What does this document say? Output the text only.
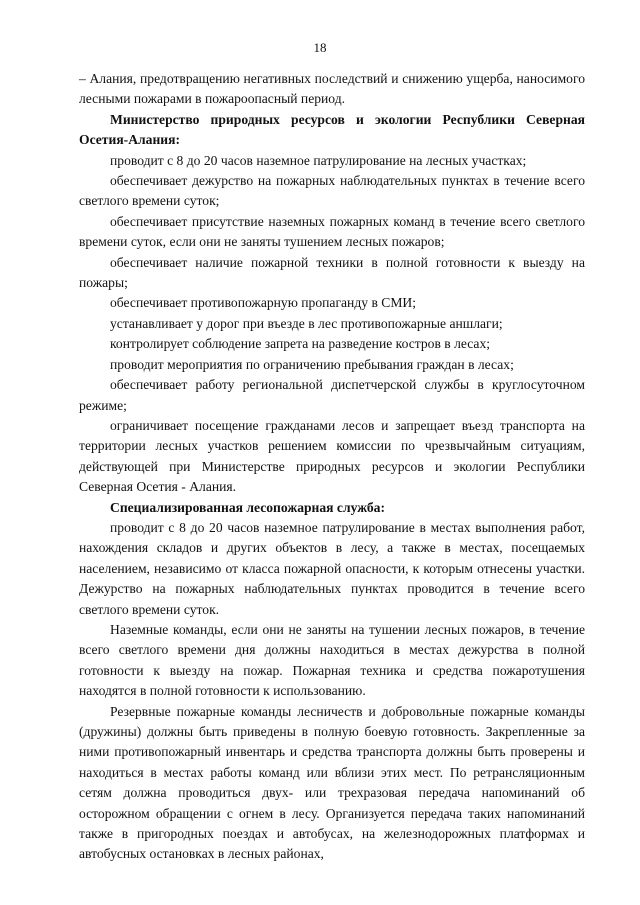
18

– Алания, предотвращению негативных последствий и снижению ущерба, наносимого лесными пожарами в пожароопасный период.

Министерство природных ресурсов и экологии Республики Северная Осетия-Алания:

проводит с 8 до 20 часов наземное патрулирование на лесных участках;

обеспечивает дежурство на пожарных наблюдательных пунктах в течение всего светлого времени суток;

обеспечивает присутствие наземных пожарных команд в течение всего светлого времени суток, если они не заняты тушением лесных пожаров;

обеспечивает наличие пожарной техники в полной готовности к выезду на пожары;

обеспечивает противопожарную пропаганду в СМИ;

устанавливает у дорог при въезде в лес противопожарные аншлаги;

контролирует соблюдение запрета на разведение костров в лесах;

проводит мероприятия по ограничению пребывания граждан в лесах;

обеспечивает работу региональной диспетчерской службы в круглосуточном режиме;

ограничивает посещение гражданами лесов и запрещает въезд транспорта на территории лесных участков решением комиссии по чрезвычайным ситуациям, действующей при Министерстве природных ресурсов и экологии Республики Северная Осетия - Алания.

Специализированная лесопожарная служба:

проводит с 8 до 20 часов наземное патрулирование в местах выполнения работ, нахождения складов и других объектов в лесу, а также в местах, посещаемых населением, независимо от класса пожарной опасности, к которым отнесены участки. Дежурство на пожарных наблюдательных пунктах проводится в течение всего светлого времени суток.

Наземные команды, если они не заняты на тушении лесных пожаров, в течение всего светлого времени дня должны находиться в местах дежурства в полной готовности к выезду на пожар. Пожарная техника и средства пожаротушения находятся в полной готовности к использованию.

Резервные пожарные команды лесничеств и добровольные пожарные команды (дружины) должны быть приведены в полную боевую готовность. Закрепленные за ними противопожарный инвентарь и средства транспорта должны быть проверены и находиться в местах работы команд или вблизи этих мест. По ретрансляционным сетям должна проводиться двух- или трехразовая передача напоминаний об осторожном обращении с огнем в лесу. Организуется передача таких напоминаний также в пригородных поездах и автобусах, на железнодорожных платформах и автобусных остановках в лесных районах,
